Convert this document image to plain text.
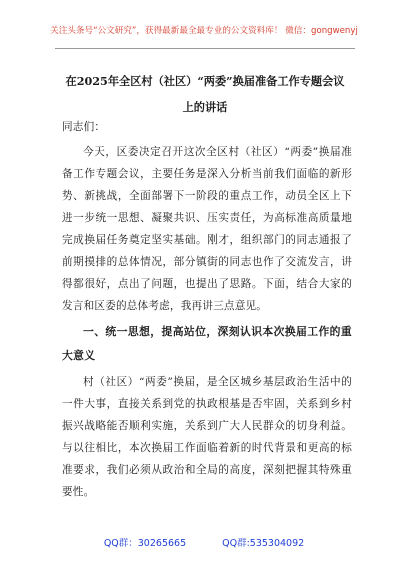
关注头条号“公文研究”，获得最新最全最专业的公文资料库！ 微信：gongwenyj
在2025年全区村（社区）“两委”换届准备工作专题会议上的讲话
同志们：
今天，区委决定召开这次全区村（社区）“两委”换届准备工作专题会议，主要任务是深入分析当前我们面临的新形势、新挑战，全面部署下一阶段的重点工作，动员全区上下进一步统一思想、凝聚共识、压实责任，为高标准高质量地完成换届任务奠定坚实基础。刚才，组织部门的同志通报了前期摸排的总体情况，部分镇街的同志也作了交流发言，讲得都很好，点出了问题，也提出了思路。下面，结合大家的发言和区委的总体考虑，我再讲三点意见。
一、统一思想，提高站位，深刻认识本次换届工作的重大意义
村（社区）“两委”换届，是全区城乡基层政治生活中的一件大事，直接关系到党的执政根基是否牢固，关系到乡村振兴战略能否顺利实施，关系到广大人民群众的切身利益。与以往相比，本次换届工作面临着新的时代背景和更高的标准要求，我们必须从政治和全局的高度，深刻把握其特殊重要性。
QQ群：30265665	QQ群:535304092
